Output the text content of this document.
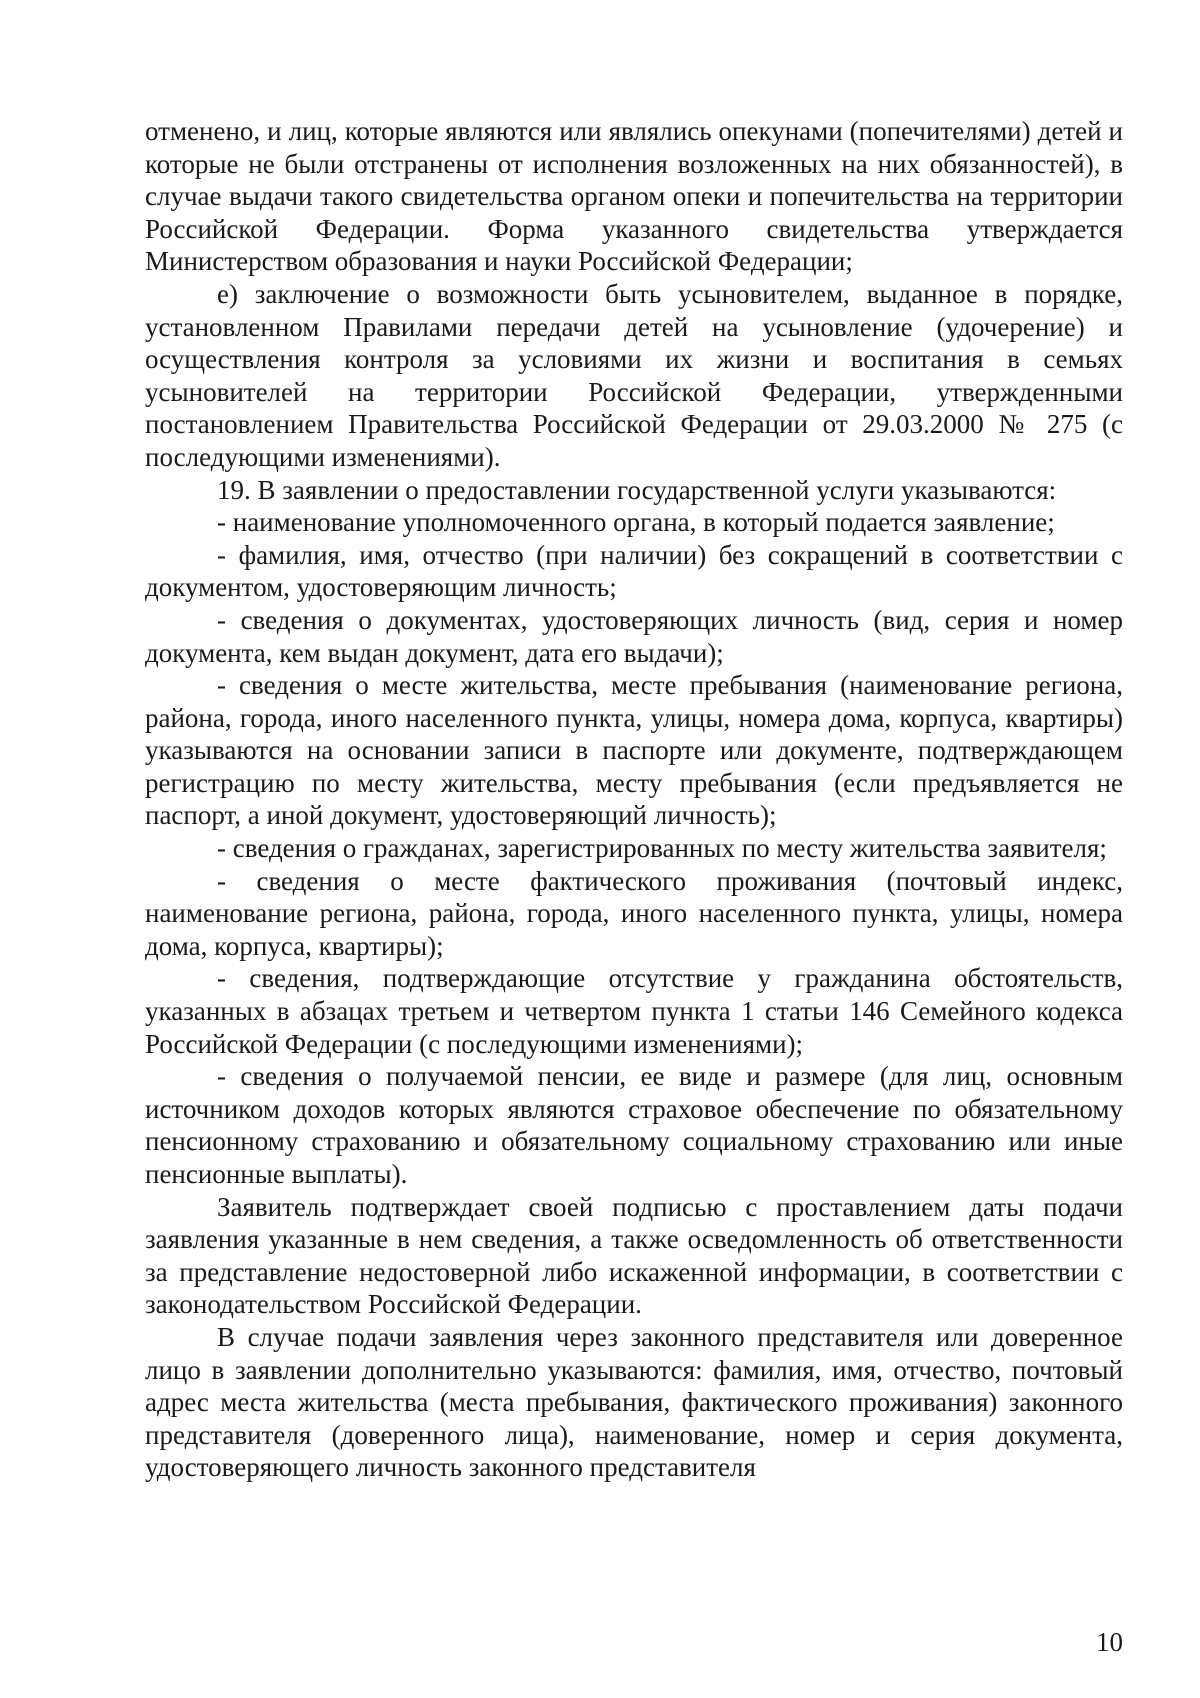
отменено, и лиц, которые являются или являлись опекунами (попечителями) детей и которые не были отстранены от исполнения возложенных на них обязанностей), в случае выдачи такого свидетельства органом опеки и попечительства на территории Российской Федерации. Форма указанного свидетельства утверждается Министерством образования и науки Российской Федерации;

е) заключение о возможности быть усыновителем, выданное в порядке, установленном Правилами передачи детей на усыновление (удочерение) и осуществления контроля за условиями их жизни и воспитания в семьях усыновителей на территории Российской Федерации, утвержденными постановлением Правительства Российской Федерации от 29.03.2000 № 275 (с последующими изменениями).

19. В заявлении о предоставлении государственной услуги указываются:

- наименование уполномоченного органа, в который подается заявление;

- фамилия, имя, отчество (при наличии) без сокращений в соответствии с документом, удостоверяющим личность;

- сведения о документах, удостоверяющих личность (вид, серия и номер документа, кем выдан документ, дата его выдачи);

- сведения о месте жительства, месте пребывания (наименование региона, района, города, иного населенного пункта, улицы, номера дома, корпуса, квартиры) указываются на основании записи в паспорте или документе, подтверждающем регистрацию по месту жительства, месту пребывания (если предъявляется не паспорт, а иной документ, удостоверяющий личность);

- сведения о гражданах, зарегистрированных по месту жительства заявителя;

- сведения о месте фактического проживания (почтовый индекс, наименование региона, района, города, иного населенного пункта, улицы, номера дома, корпуса, квартиры);

- сведения, подтверждающие отсутствие у гражданина обстоятельств, указанных в абзацах третьем и четвертом пункта 1 статьи 146 Семейного кодекса Российской Федерации (с последующими изменениями);

- сведения о получаемой пенсии, ее виде и размере (для лиц, основным источником доходов которых являются страховое обеспечение по обязательному пенсионному страхованию и обязательному социальному страхованию или иные пенсионные выплаты).

Заявитель подтверждает своей подписью с проставлением даты подачи заявления указанные в нем сведения, а также осведомленность об ответственности за представление недостоверной либо искаженной информации, в соответствии с законодательством Российской Федерации.

В случае подачи заявления через законного представителя или доверенное лицо в заявлении дополнительно указываются: фамилия, имя, отчество, почтовый адрес места жительства (места пребывания, фактического проживания) законного представителя (доверенного лица), наименование, номер и серия документа, удостоверяющего личность законного представителя

10
